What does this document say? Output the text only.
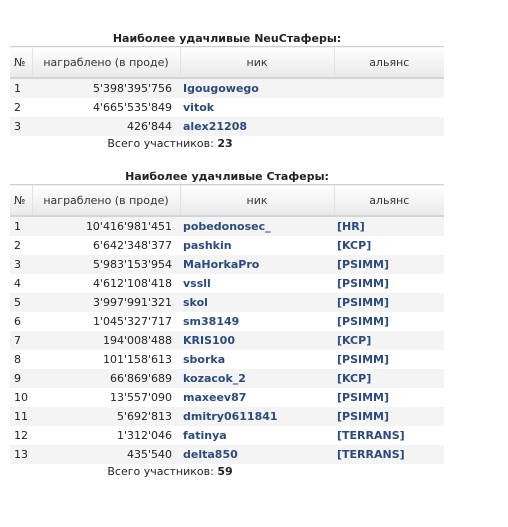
Наиболее удачливые NeuСтаферы:
№	награблено (в проде)	ник	альянс
1	5'398'395'756	Igougowego	
2	4'665'535'849	vitok	
3	426'844	alex21208	
Всего участников: 23
Наиболее удачливые Стаферы:
№	награблено (в проде)	ник	альянс
1	10'416'981'451	pobedonosec_	[HR]
2	6'642'348'377	pashkin	[KCP]
3	5'983'153'954	MaHorkaPro	[PSIMM]
4	4'612'108'418	vssll	[PSIMM]
5	3'997'991'321	skol	[PSIMM]
6	1'045'327'717	sm38149	[PSIMM]
7	194'008'488	KRIS100	[KCP]
8	101'158'613	sborka	[PSIMM]
9	66'869'689	kozacok_2	[KCP]
10	13'557'090	maxeev87	[PSIMM]
11	5'692'813	dmitry0611841	[PSIMM]
12	1'312'046	fatinya	[TERRANS]
13	435'540	delta850	[TERRANS]
Всего участников: 59
